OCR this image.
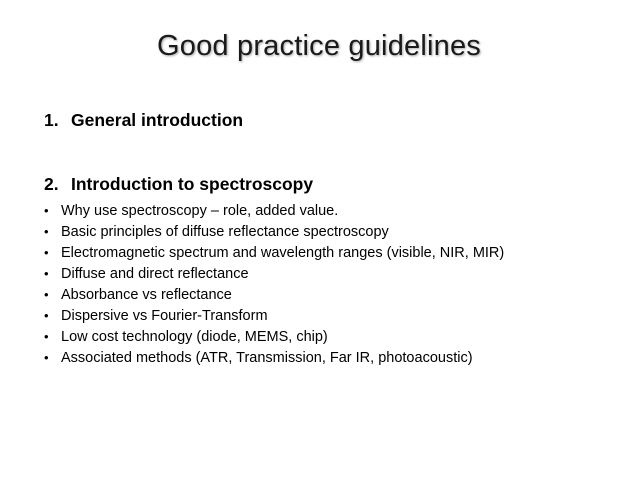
Good practice guidelines
1. General introduction
2. Introduction to spectroscopy
• Why use spectroscopy – role, added value.
• Basic principles of diffuse reflectance spectroscopy
• Electromagnetic spectrum and wavelength ranges (visible, NIR, MIR)
• Diffuse and direct reflectance
• Absorbance vs reflectance
• Dispersive vs Fourier-Transform
• Low cost technology (diode, MEMS, chip)
• Associated methods (ATR, Transmission, Far IR, photoacoustic)
